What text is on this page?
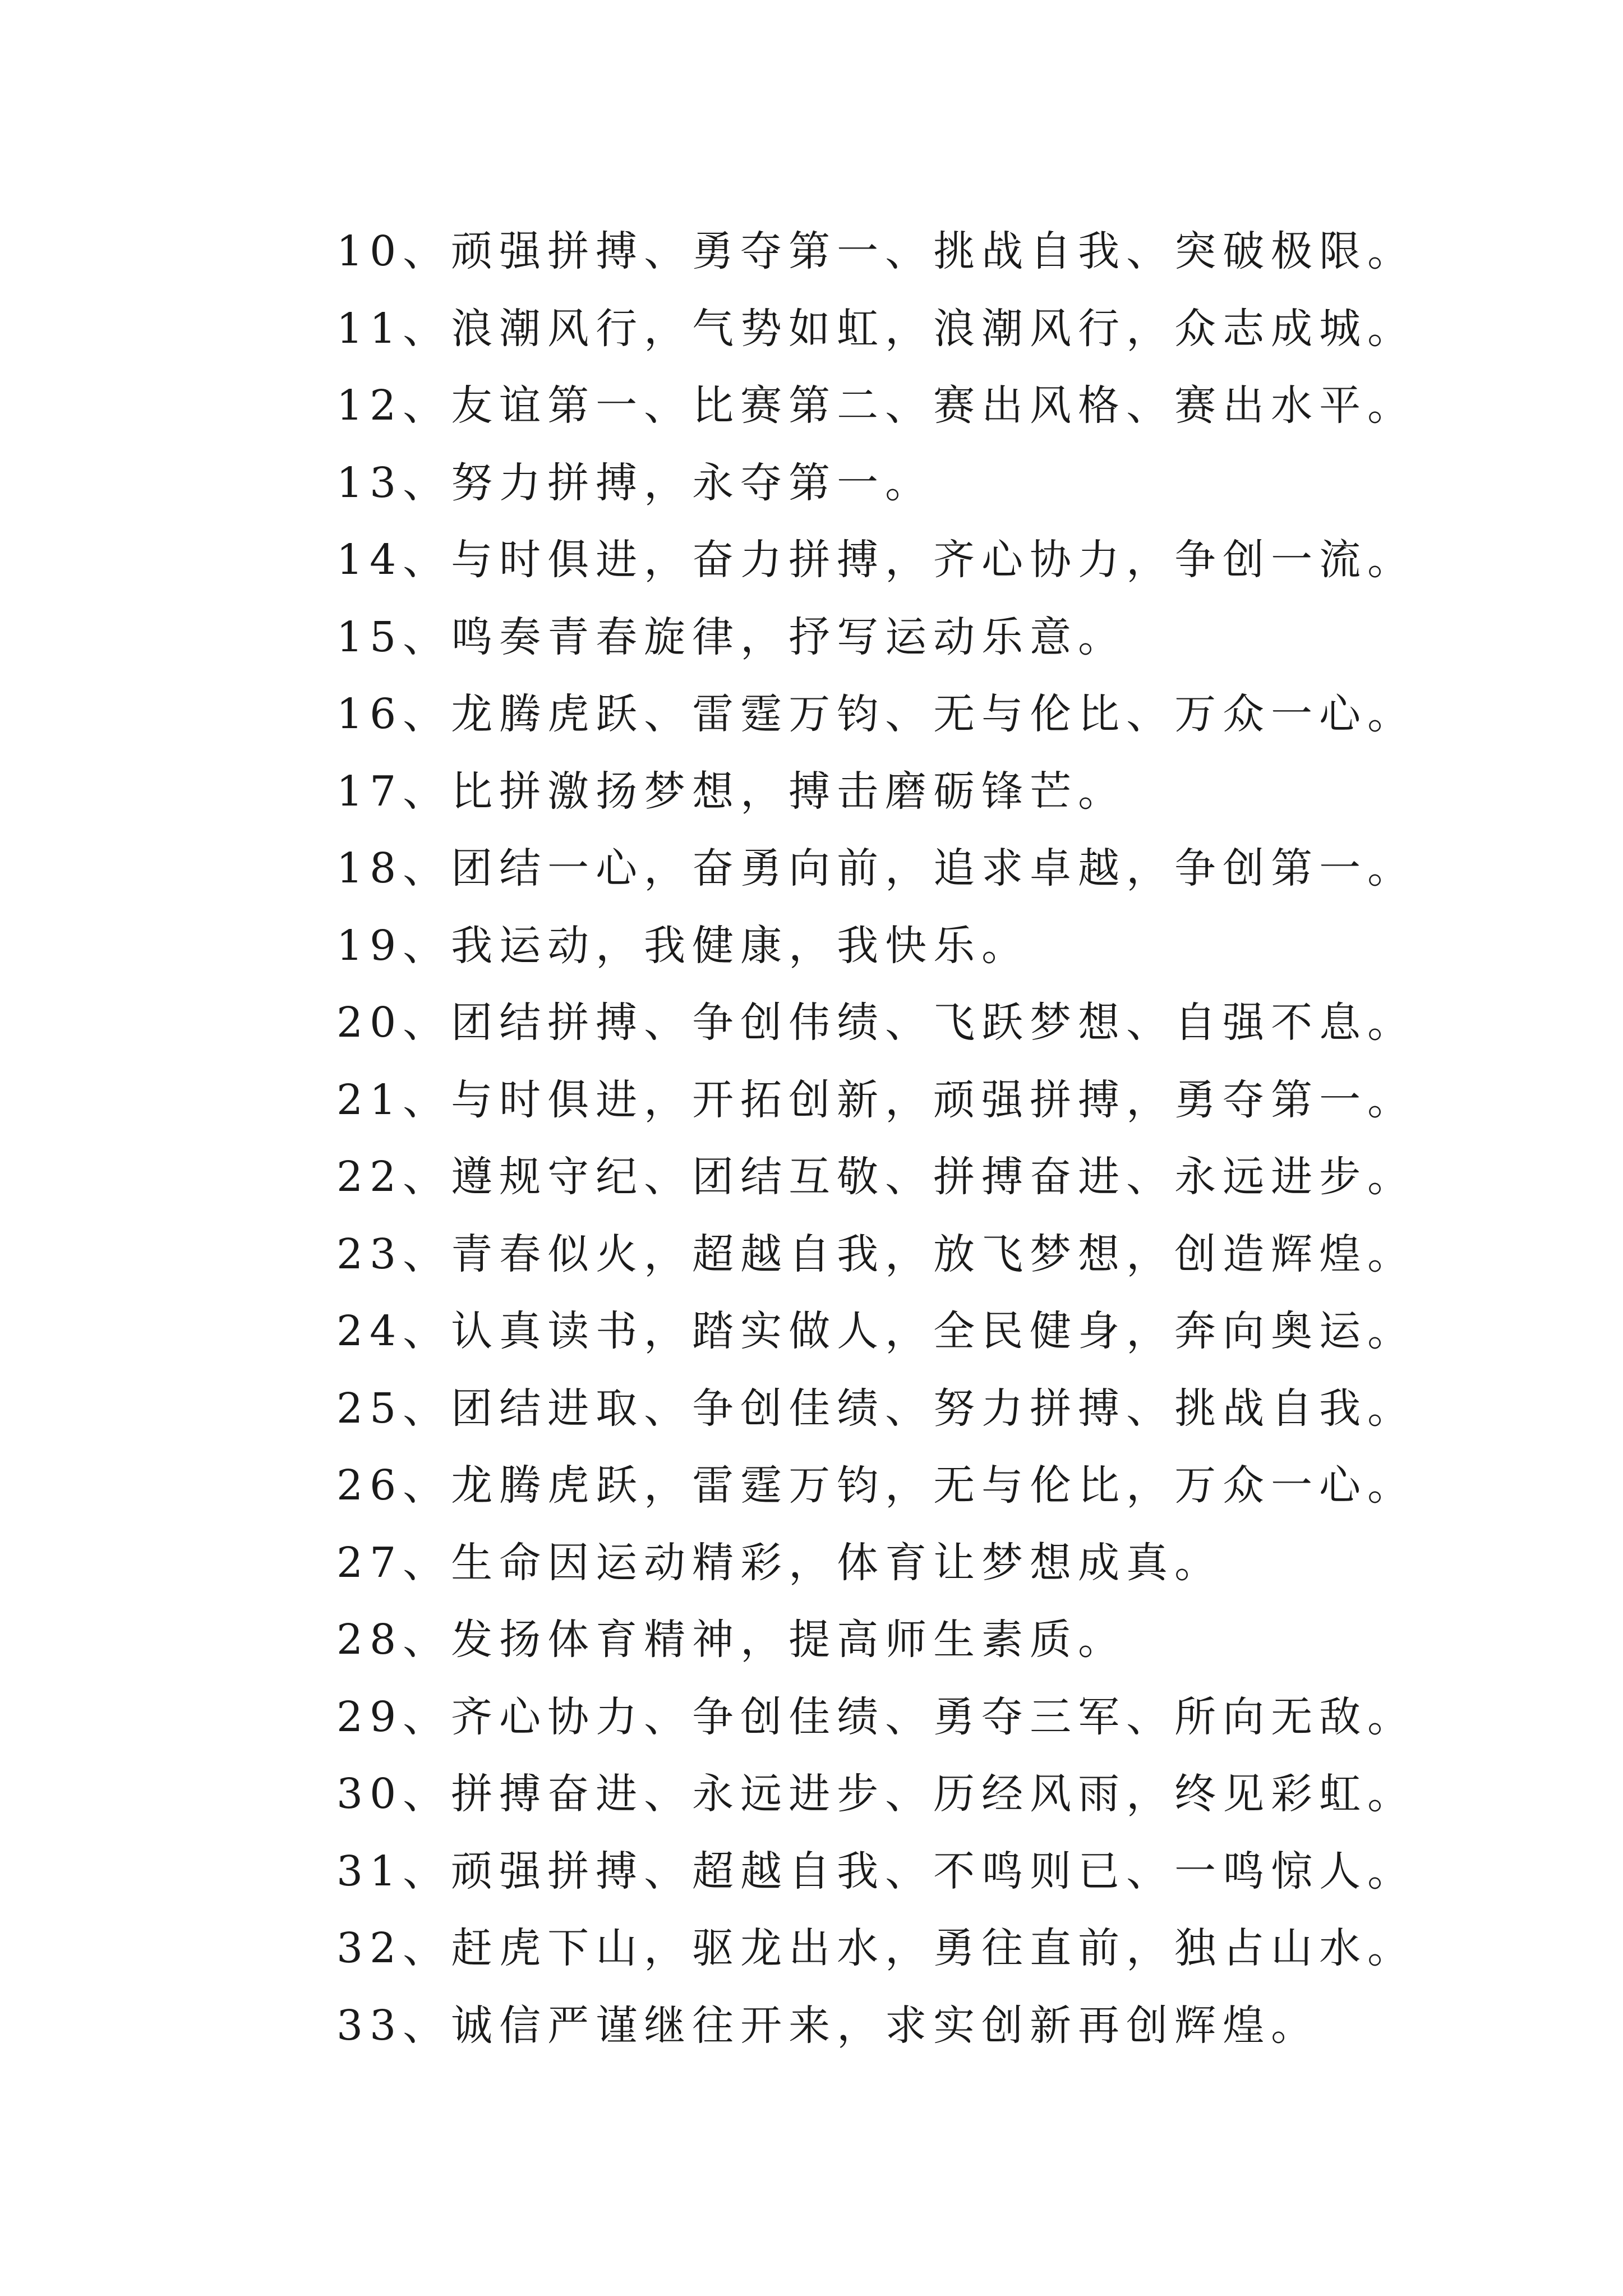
10、顽强拼搏、勇夺第一、挑战自我、突破极限。
11、浪潮风行，气势如虹，浪潮风行，众志成城。
12、友谊第一、比赛第二、赛出风格、赛出水平。
13、努力拼搏，永夺第一。
14、与时俱进，奋力拼搏，齐心协力，争创一流。
15、鸣奏青春旋律，抒写运动乐意。
16、龙腾虎跃、雷霆万钧、无与伦比、万众一心。
17、比拼激扬梦想，搏击磨砺锋芒。
18、团结一心，奋勇向前，追求卓越，争创第一。
19、我运动，我健康，我快乐。
20、团结拼搏、争创伟绩、飞跃梦想、自强不息。
21、与时俱进，开拓创新，顽强拼搏，勇夺第一。
22、遵规守纪、团结互敬、拼搏奋进、永远进步。
23、青春似火，超越自我，放飞梦想，创造辉煌。
24、认真读书，踏实做人，全民健身，奔向奥运。
25、团结进取、争创佳绩、努力拼搏、挑战自我。
26、龙腾虎跃，雷霆万钧，无与伦比，万众一心。
27、生命因运动精彩，体育让梦想成真。
28、发扬体育精神，提高师生素质。
29、齐心协力、争创佳绩、勇夺三军、所向无敌。
30、拼搏奋进、永远进步、历经风雨，终见彩虹。
31、顽强拼搏、超越自我、不鸣则已、一鸣惊人。
32、赶虎下山，驱龙出水，勇往直前，独占山水。
33、诚信严谨继往开来，求实创新再创辉煌。
